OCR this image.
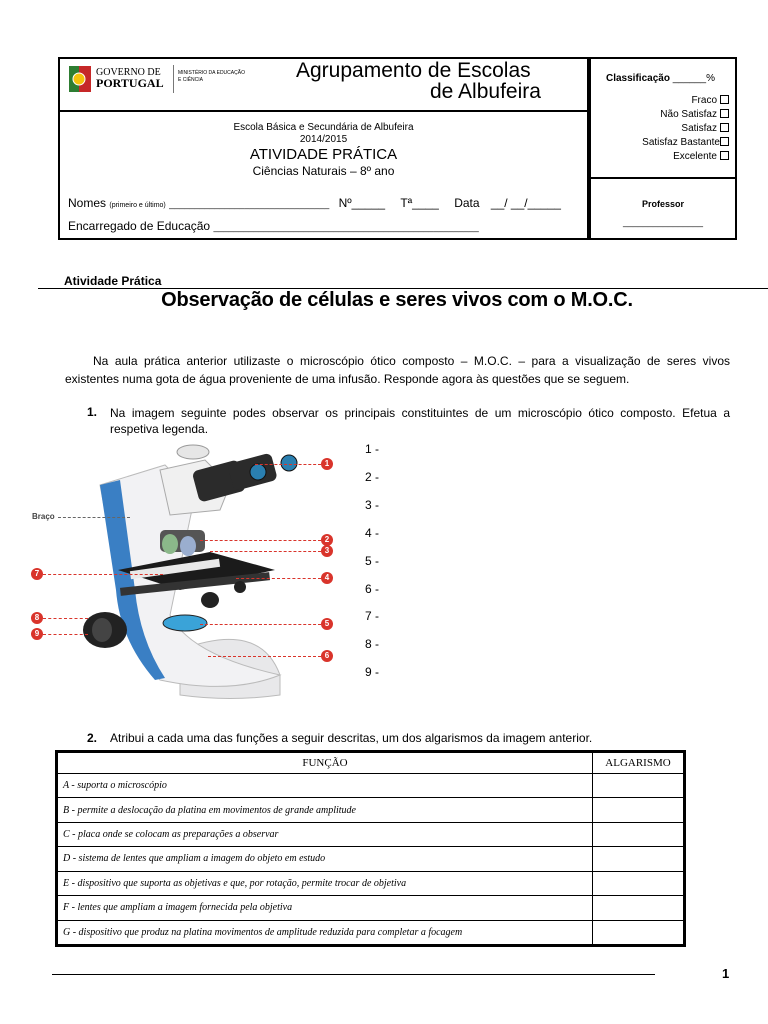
GOVERNO DE
PORTUGAL
MINISTÉRIO DA EDUCAÇÃO
E CIÊNCIA	Agrupamento de Escolas
de Albufeira
Escola Básica e Secundária de Albufeira
2014/2015
ATIVIDADE PRÁTICA
Ciências Naturais – 8º ano
Nomes (primeiro e último) ________________________________ Nº_____ Tª____ Data __/ __/_____
Encarregado de Educação _____________________________________________________
Classificação ______%
Fraco
Não Satisfaz
Satisfaz
Satisfaz Bastante
Excelente
Professor
________________
Atividade Prática
Observação de células e seres vivos com o M.O.C.
Na aula prática anterior utilizaste o microscópio ótico composto – M.O.C. – para a visualização de seres vivos existentes numa gota de água proveniente de uma infusão. Responde agora às questões que se seguem.
1. Na imagem seguinte podes observar os principais constituintes de um microscópio ótico composto. Efetua a respetiva legenda.
Braço
1
2
3
4
5
6
7
8
9
1 -
2 -
3 -
4 -
5 -
6 -
7 -
8 -
9 -
2. Atribui a cada uma das funções a seguir descritas, um dos algarismos da imagem anterior.
FUNÇÃO	ALGARISMO
A - suporta o microscópio	
B - permite a deslocação da platina em movimentos de grande amplitude	
C - placa onde se colocam as preparações a observar	
D - sistema de lentes que ampliam a imagem do objeto em estudo	
E - dispositivo que suporta as objetivas e que, por rotação, permite trocar de objetiva	
F - lentes que ampliam a imagem fornecida pela objetiva	
G - dispositivo que produz na platina movimentos de amplitude reduzida para completar a focagem	
1
